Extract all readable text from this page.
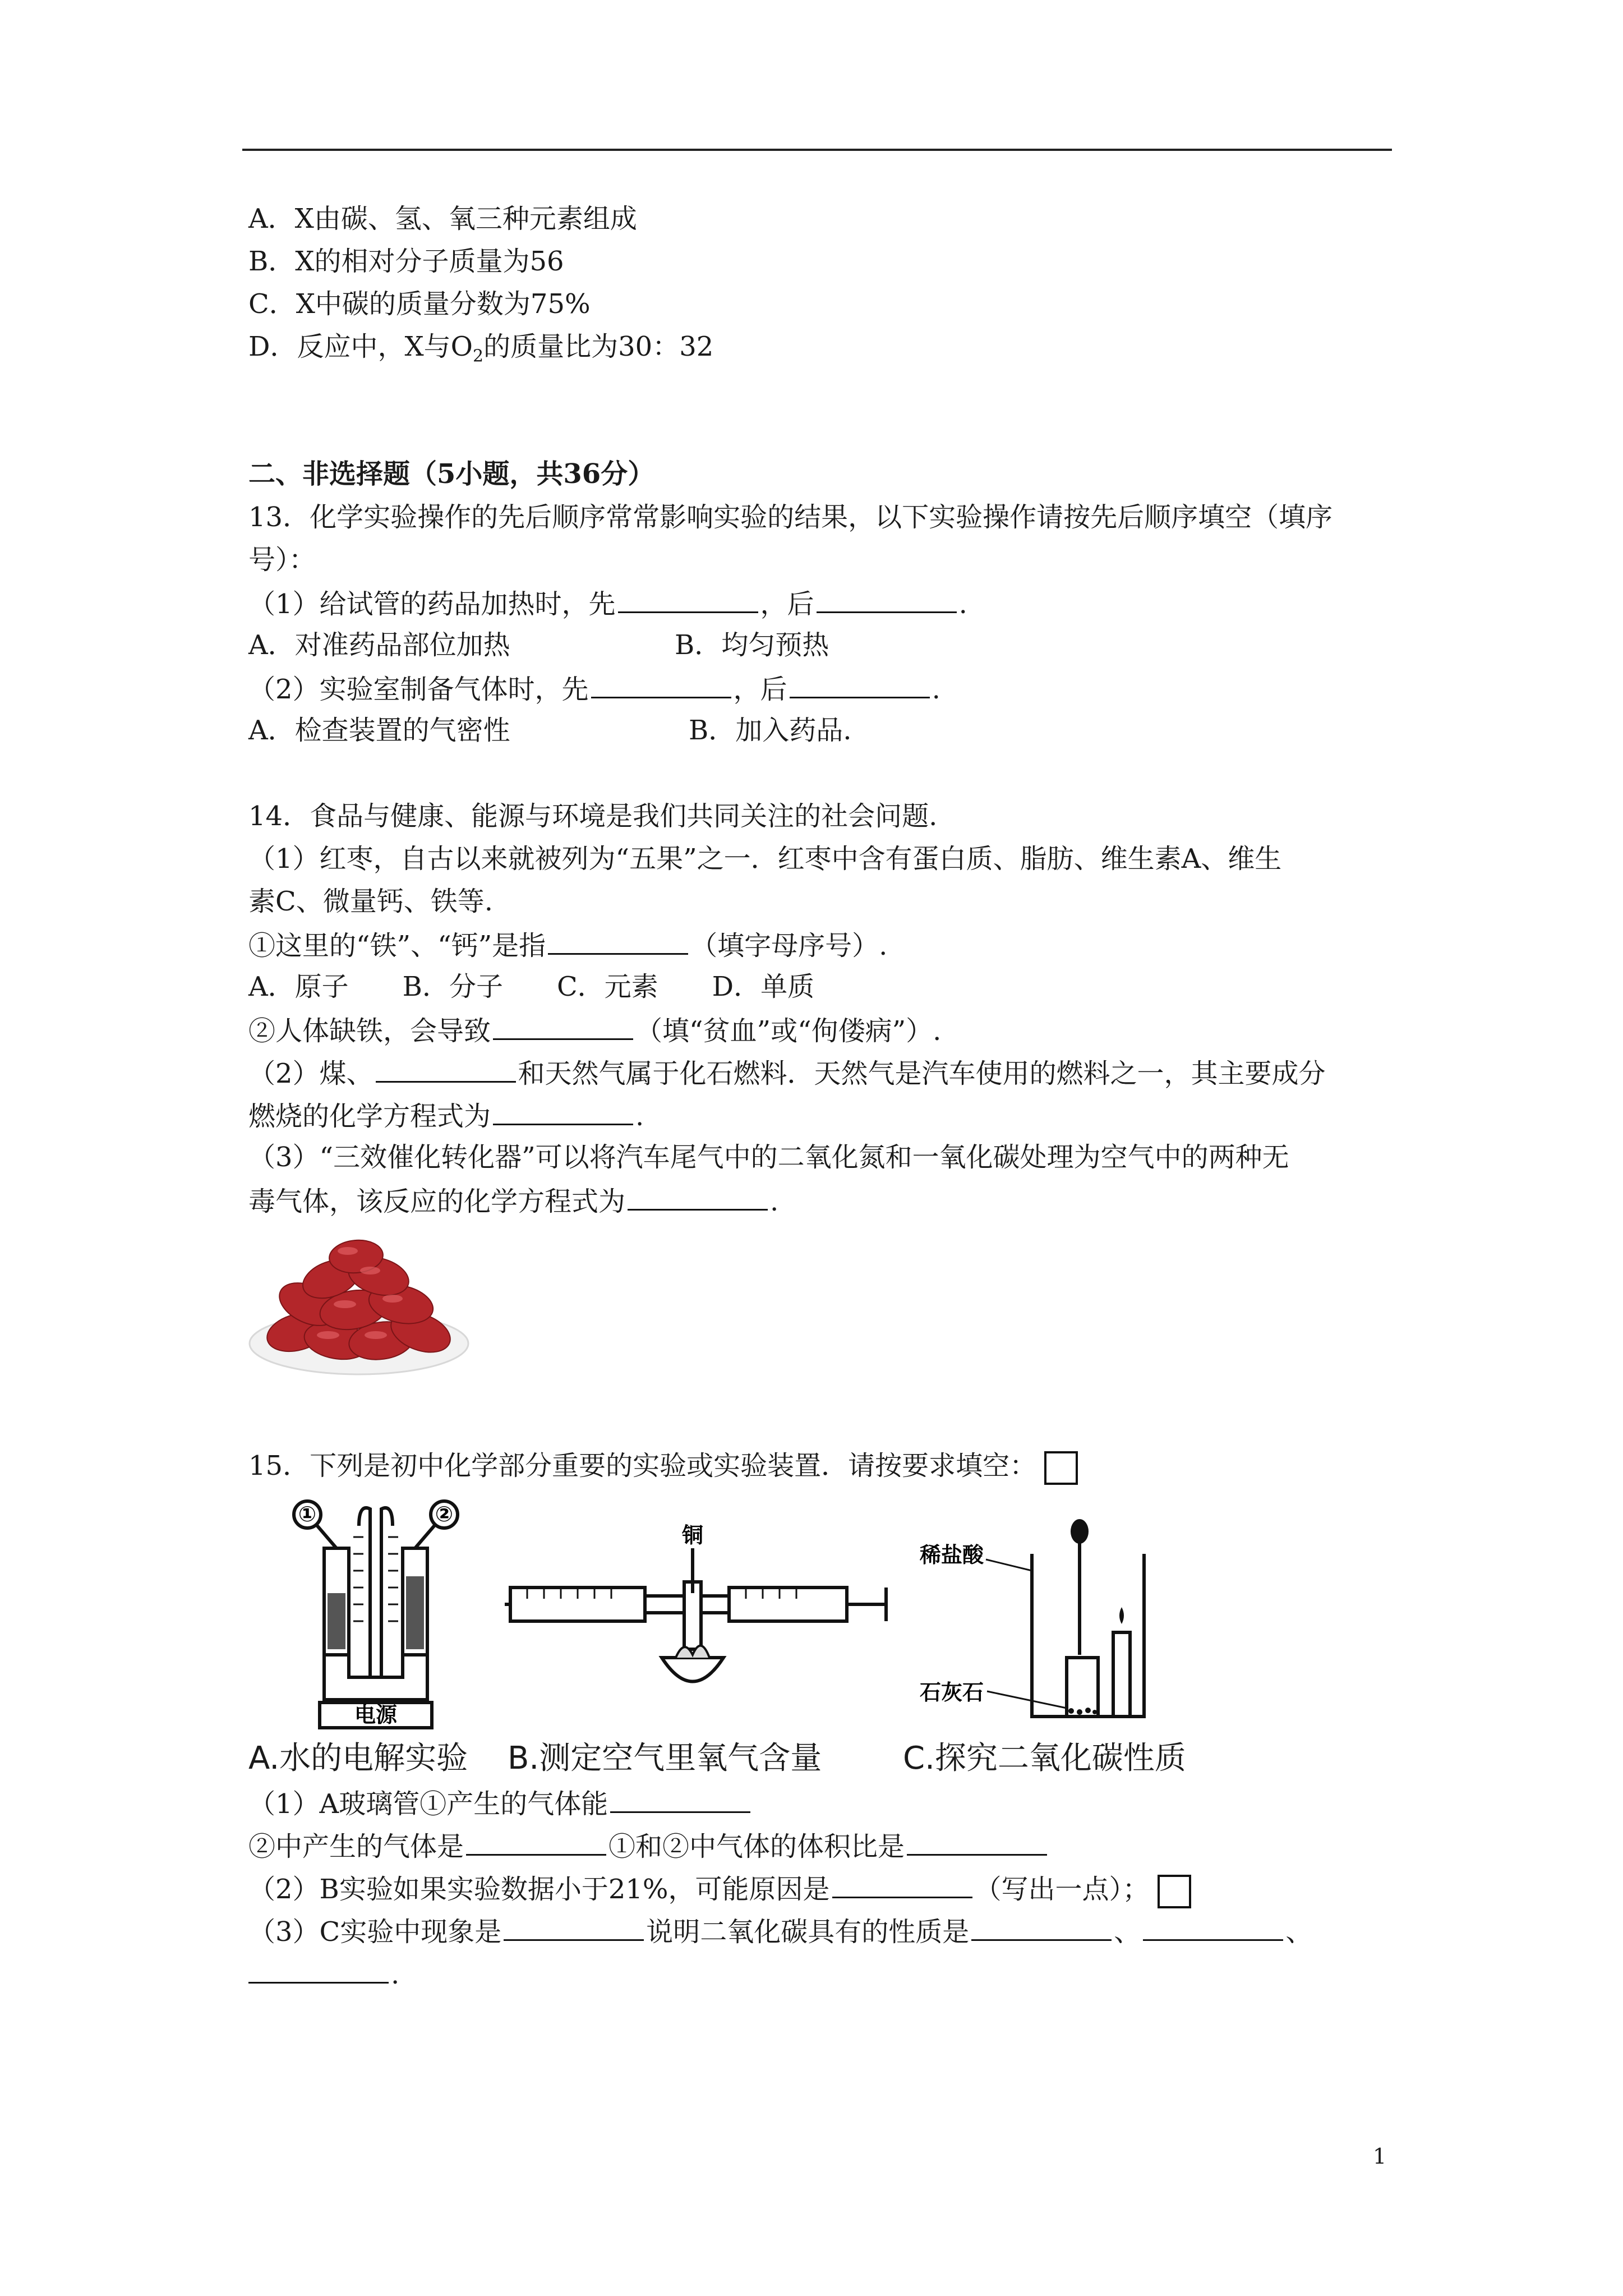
A．X由碳、氢、氧三种元素组成
B．X的相对分子质量为56
C．X中碳的质量分数为75%
D．反应中，X与$O_2$的质量比为30：32
二、非选择题（5小题，共36分）
13．化学实验操作的先后顺序常常影响实验的结果，以下实验操作请按先后顺序填空（填序
号）：
（1）给试管的药品加热时，先	，后	.
A．对准药品部位加热	B．均匀预热
（2）实验室制备气体时，先	，后	.
A．检查装置的气密性	B．加入药品.
14．食品与健康、能源与环境是我们共同关注的社会问题.
（1）红枣，自古以来就被列为“五果”之一．红枣中含有蛋白质、脂肪、维生素A、维生
素C、微量钙、铁等.
①这里的“铁”、“钙”是指	（填字母序号）.
A．原子　　B．分子　　C．元素　　D．单质
②人体缺铁，会导致	（填“贫血”或“佝偻病”）.
（2）煤、	和天然气属于化石燃料．天然气是汽车使用的燃料之一，其主要成分
燃烧的化学方程式为	.
（3）“三效催化转化器”可以将汽车尾气中的二氧化氮和一氧化碳处理为空气中的两种无
毒气体，该反应的化学方程式为	.
15．下列是初中化学部分重要的实验或实验装置．请按要求填空：
①	②
电源
铜
稀盐酸
石灰石
A.水的电解实验 B.测定空气里氧气含量	C.探究二氧化碳性质
（1）A玻璃管①产生的气体能
②中产生的气体是	①和②中气体的体积比是
（2）B实验如果实验数据小于21%，可能原因是	（写出一点）；
（3）C实验中现象是	说明二氧化碳具有的性质是	、	、
.
1
